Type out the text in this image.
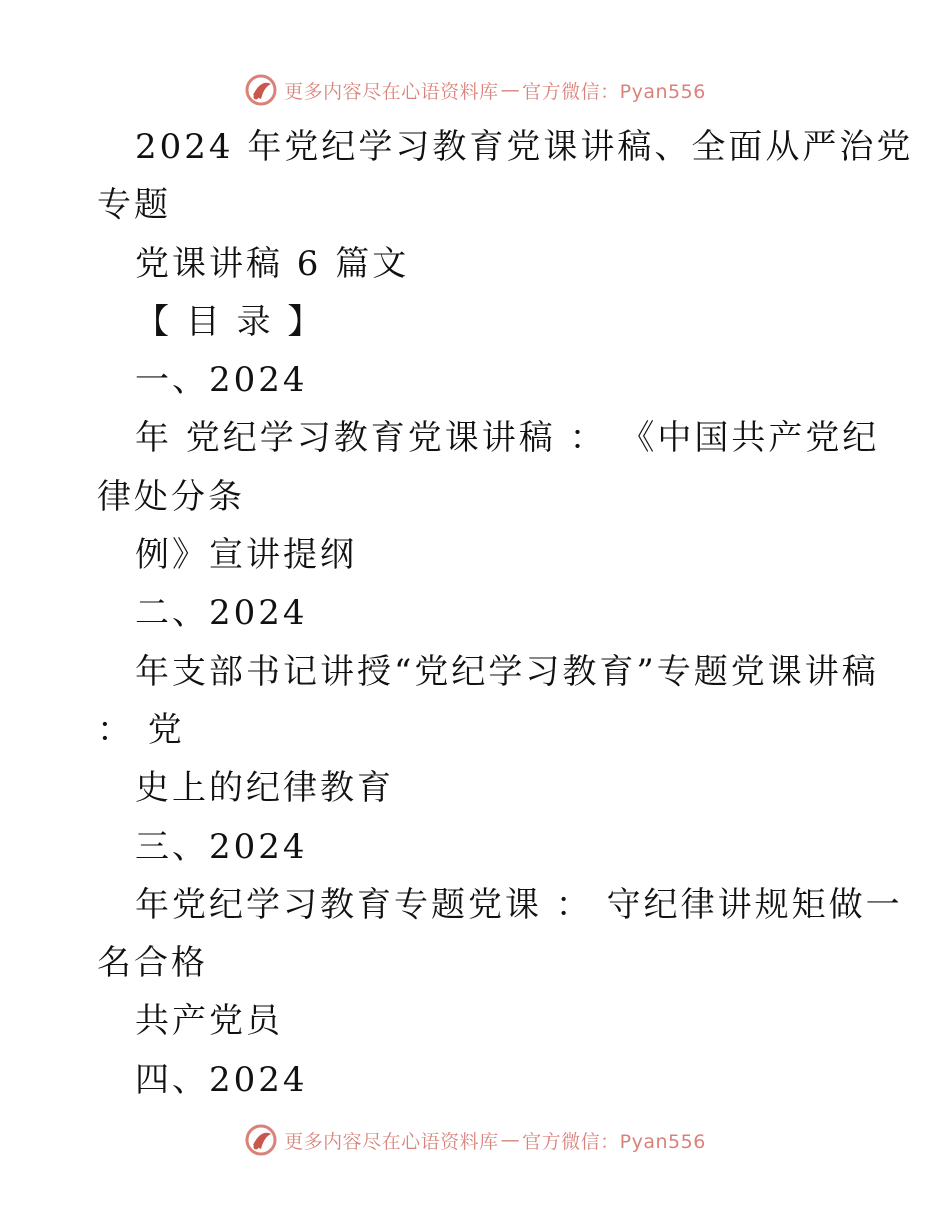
更多内容尽在心语资料库 — 官方微信：Pyan556
2024 年党纪学习教育党课讲稿、全面从严治党
专题
党课讲稿 6 篇文
【 目 录 】
一、2024
年 党纪学习教育党课讲稿 ： 《中国共产党纪
律处分条
例》宣讲提纲
二、2024
年支部书记讲授“党纪学习教育”专题党课讲稿
： 党
史上的纪律教育
三、2024
年党纪学习教育专题党课 ： 守纪律讲规矩做一
名合格
共产党员
四、2024
更多内容尽在心语资料库 — 官方微信：Pyan556
